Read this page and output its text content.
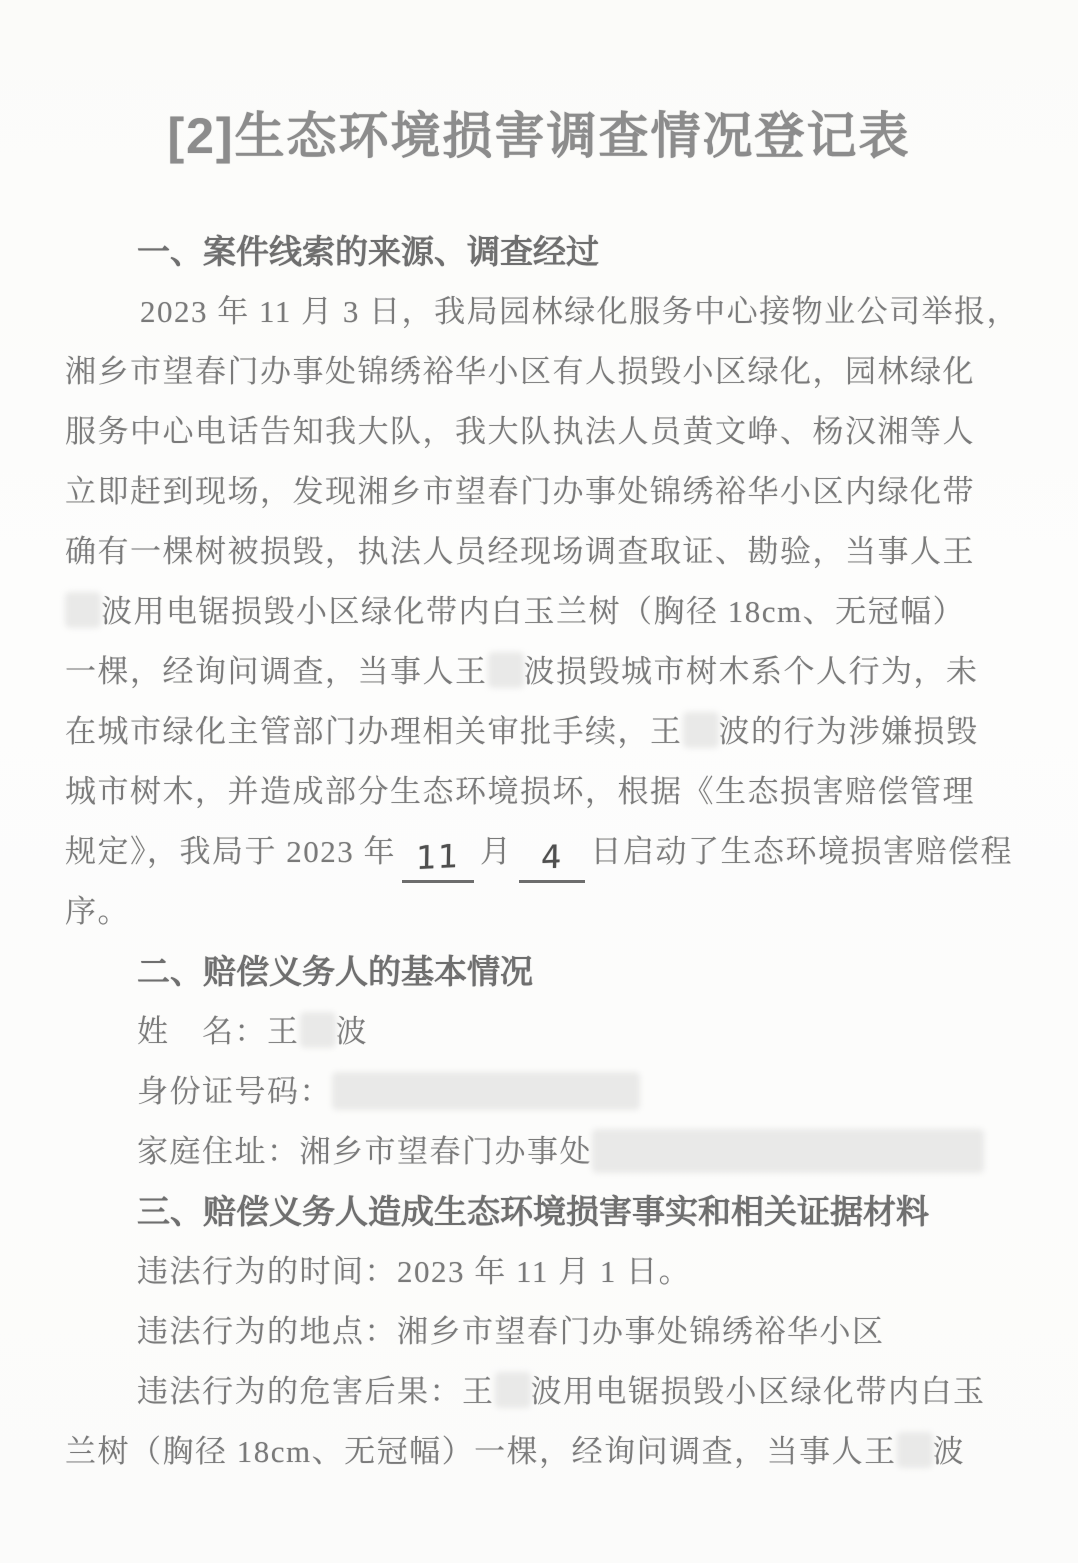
[2]生态环境损害调查情况登记表
一、案件线索的来源、调查经过
2023 年 11 月 3 日，我局园林绿化服务中心接物业公司举报，
湘乡市望春门办事处锦绣裕华小区有人损毁小区绿化，园林绿化
服务中心电话告知我大队，我大队执法人员黄文峥、杨汉湘等人
立即赶到现场，发现湘乡市望春门办事处锦绣裕华小区内绿化带
确有一棵树被损毁，执法人员经现场调查取证、勘验，当事人王
波用电锯损毁小区绿化带内白玉兰树（胸径 18cm、无冠幅）
一棵，经询问调查，当事人王 波损毁城市树木系个人行为，未
在城市绿化主管部门办理相关审批手续，王 波的行为涉嫌损毁
城市树木，并造成部分生态环境损坏，根据《生态损害赔偿管理
规定》，我局于 2023 年 11 月 4 日启动了生态环境损害赔偿程
序。
二、赔偿义务人的基本情况
姓　名：王 波
身份证号码：
家庭住址：湘乡市望春门办事处
三、赔偿义务人造成生态环境损害事实和相关证据材料
违法行为的时间：2023 年 11 月 1 日。
违法行为的地点：湘乡市望春门办事处锦绣裕华小区
违法行为的危害后果：王 波用电锯损毁小区绿化带内白玉
兰树（胸径 18cm、无冠幅）一棵，经询问调查，当事人王 波
